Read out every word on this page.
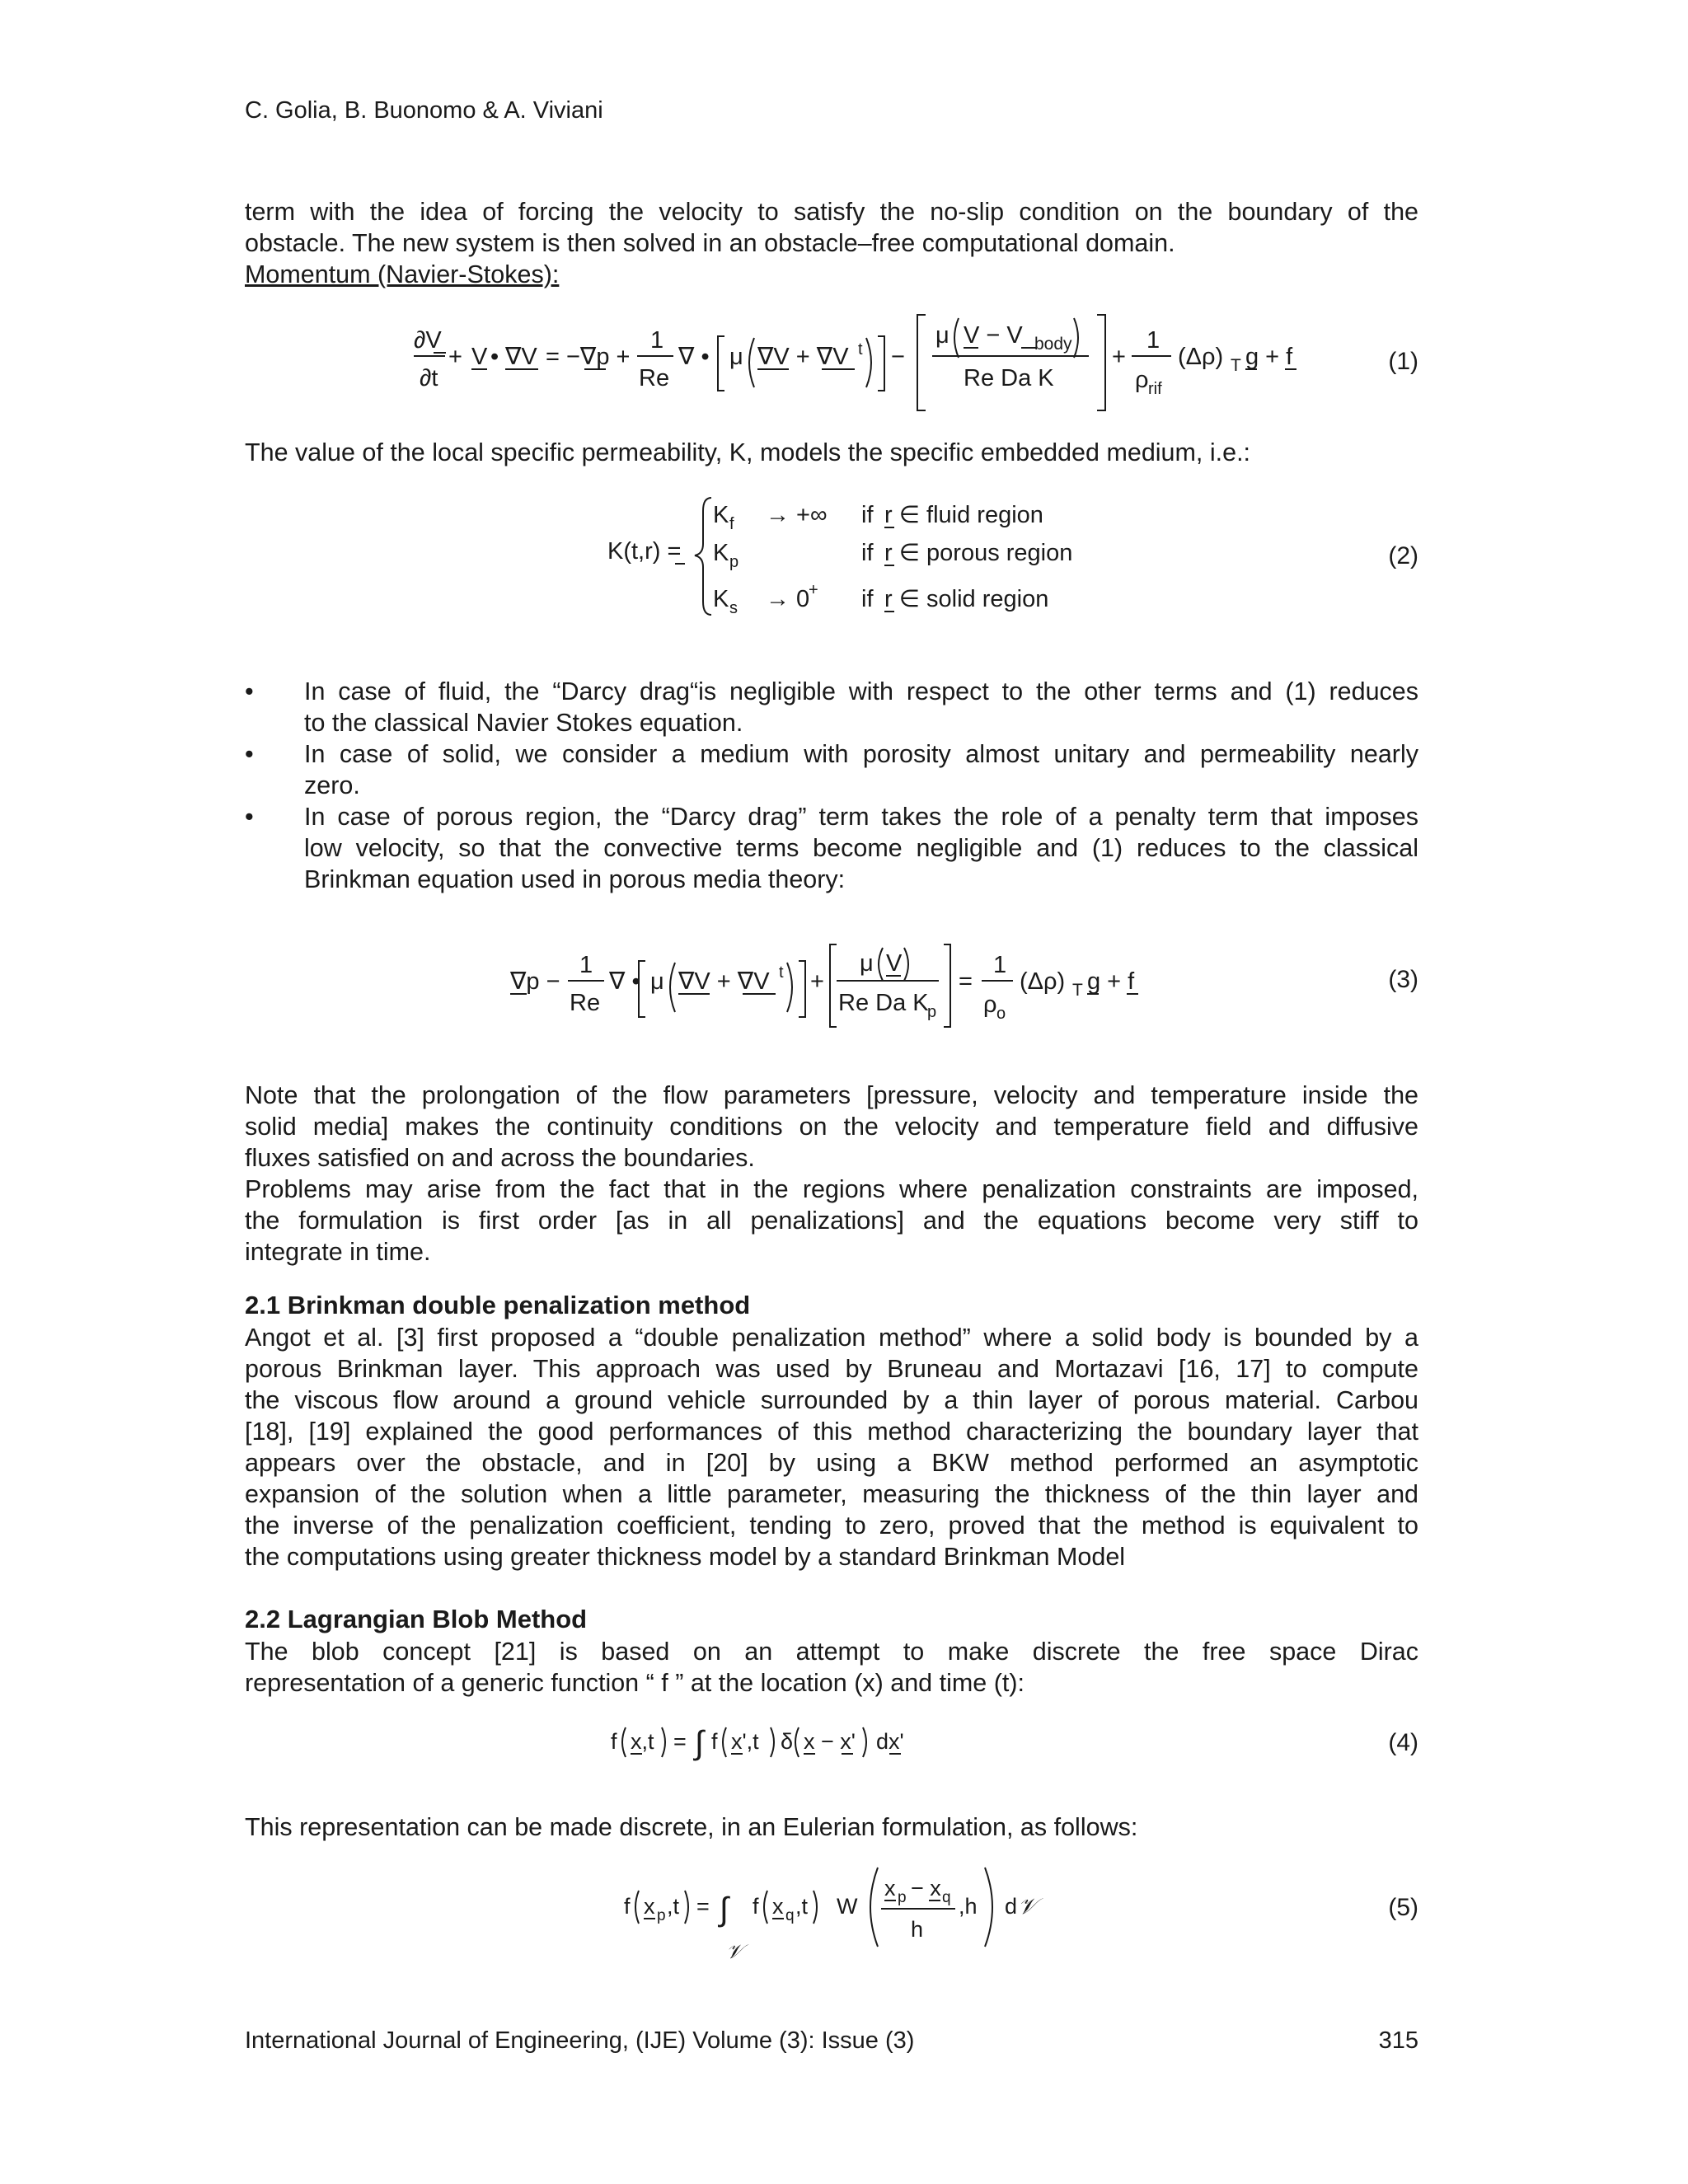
C. Golia, B. Buonomo & A. Viviani
term with the idea of forcing the velocity to satisfy the no-slip condition on the boundary of the
obstacle. The new system is then solved in an obstacle–free computational domain.
Momentum (Navier-Stokes):
∂V
∂t
+ V • ∇V = −∇p +
1
Re
∇ • μ ∇V + ∇V t −
μ V − V body
Re Da K
+
1
ρ rif
(Δρ) T g + f	(1)
The value of the local specific permeability, K, models the specific embedded medium, i.e.:
K(t,r) =
K f → +∞ if r ∈ fluid region
K p	if r ∈ porous region
K s → 0
+ if r ∈ solid region
(2)
• In case of fluid, the “Darcy drag“is negligible with respect to the other terms and (1) reduces
to the classical Navier Stokes equation.
• In case of solid, we consider a medium with porosity almost unitary and permeability nearly
zero.
• In case of porous region, the “Darcy drag” term takes the role of a penalty term that imposes
low velocity, so that the convective terms become negligible and (1) reduces to the classical
Brinkman equation used in porous media theory:
∇p −
1
Re
∇ • μ ∇V + ∇V t +
μ V
Re Da K
p
=
1
ρ o
(Δρ) T g + f	(3)
Note that the prolongation of the flow parameters [pressure, velocity and temperature inside the
solid media] makes the continuity conditions on the velocity and temperature field and diffusive
fluxes satisfied on and across the boundaries.
Problems may arise from the fact that in the regions where penalization constraints are imposed,
the formulation is first order [as in all penalizations] and the equations become very stiff to
integrate in time.
2.1 Brinkman double penalization method
Angot et al. [3] first proposed a “double penalization method” where a solid body is bounded by a
porous Brinkman layer. This approach was used by Bruneau and Mortazavi [16, 17] to compute
the viscous flow around a ground vehicle surrounded by a thin layer of porous material. Carbou
[18], [19] explained the good performances of this method characterizing the boundary layer that
appears over the obstacle, and in [20] by using a BKW method performed an asymptotic
expansion of the solution when a little parameter, measuring the thickness of the thin layer and
the inverse of the penalization coefficient, tending to zero, proved that the method is equivalent to
the computations using greater thickness model by a standard Brinkman Model
2.2 Lagrangian Blob Method
The blob concept [21] is based on an attempt to make discrete the free space Dirac
representation of a generic function “ f ” at the location (x) and time (t):
f x,t = ∫ f x',t δ x − x' dx'	(4)
This representation can be made discrete, in an Eulerian formulation, as follows:
f x p ,t = ∫
𝒱
f x q ,t W
x p − x q
h
,h d 𝒱	(5)
International Journal of Engineering, (IJE) Volume (3): Issue (3)	315
